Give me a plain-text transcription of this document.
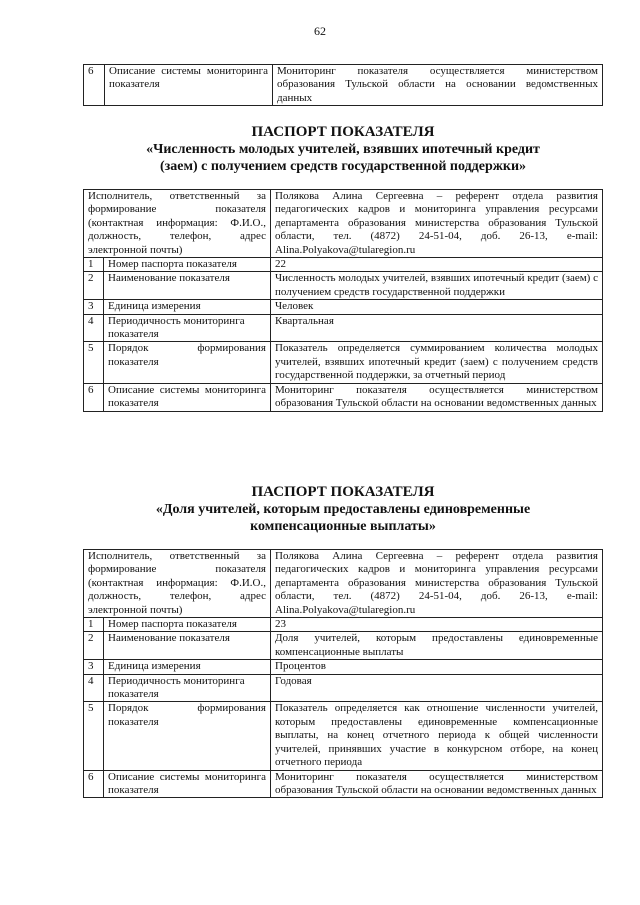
62
6	Описание системы мониторинга показателя	Мониторинг показателя осуществляется министерством образования Тульской области на основании ведомственных данных
ПАСПОРТ ПОКАЗАТЕЛЯ
«Численность молодых учителей, взявших ипотечный кредит
(заем) с получением средств государственной поддержки»
Исполнитель, ответственный за формирование показателя (контактная информация: Ф.И.О., должность, телефон, адрес электронной почты)		Полякова Алина Сергеевна – референт отдела развития педагогических кадров и мониторинга управления ресурсами департамента образования министерства образования Тульской области, тел. (4872) 24-51-04, доб. 26-13, e-mail: Alina.Polyakova@tularegion.ru
1	Номер паспорта показателя	22
2	Наименование показателя	Численность молодых учителей, взявших ипотечный кредит (заем) с получением средств государственной поддержки
3	Единица измерения	Человек
4	Периодичность мониторинга показателя	Квартальная
5	Порядок формирования показателя	Показатель определяется суммированием количества молодых учителей, взявших ипотечный кредит (заем) с получением средств государственной поддержки, за отчетный период
6	Описание системы мониторинга показателя	Мониторинг показателя осуществляется министерством образования Тульской области на основании ведомственных данных
ПАСПОРТ ПОКАЗАТЕЛЯ
«Доля учителей, которым предоставлены единовременные
компенсационные выплаты»
Исполнитель, ответственный за формирование показателя (контактная информация: Ф.И.О., должность, телефон, адрес электронной почты)		Полякова Алина Сергеевна – референт отдела развития педагогических кадров и мониторинга управления ресурсами департамента образования министерства образования Тульской области, тел. (4872) 24-51-04, доб. 26-13, e-mail: Alina.Polyakova@tularegion.ru
1	Номер паспорта показателя	23
2	Наименование показателя	Доля учителей, которым предоставлены единовременные компенсационные выплаты
3	Единица измерения	Процентов
4	Периодичность мониторинга показателя	Годовая
5	Порядок формирования показателя	Показатель определяется как отношение численности учителей, которым предоставлены единовременные компенсационные выплаты, на конец отчетного периода к общей численности учителей, принявших участие в конкурсном отборе, на конец отчетного периода
6	Описание системы мониторинга показателя	Мониторинг показателя осуществляется министерством образования Тульской области на основании ведомственных данных
